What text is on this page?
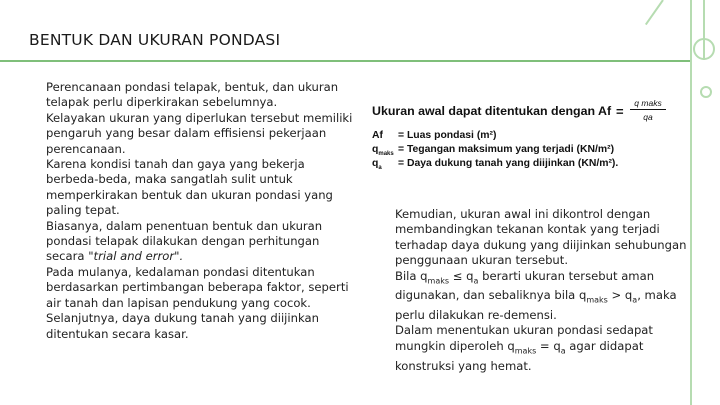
BENTUK DAN UKURAN PONDASI

Perencanaan pondasi telapak, bentuk, dan ukuran telapak perlu diperkirakan sebelumnya.

Kelayakan ukuran yang diperlukan tersebut memiliki pengaruh yang besar dalam effisiensi pekerjaan perencanaan.

Karena kondisi tanah dan gaya yang bekerja berbeda-beda, maka sangatlah sulit untuk memperkirakan bentuk dan ukuran pondasi yang paling tepat.

Biasanya, dalam penentuan bentuk dan ukuran pondasi telapak dilakukan dengan perhitungan secara "trial and error".

Pada mulanya, kedalaman pondasi ditentukan berdasarkan pertimbangan beberapa faktor, seperti air tanah dan lapisan pendukung yang cocok. Selanjutnya, daya dukung tanah yang diijinkan ditentukan secara kasar.

Ukuran awal dapat ditentukan dengan Af =
q maks
qa
Af = Luas pondasi (m²)
$q_{maks}$ = Tegangan maksimum yang terjadi (KN/m²)
$q_a$ = Daya dukung tanah yang diijinkan (KN/m²).

Kemudian, ukuran awal ini dikontrol dengan membandingkan tekanan kontak yang terjadi terhadap daya dukung yang diijinkan sehubungan penggunaan ukuran tersebut.

Bila $q_{maks} \le q_a$ berarti ukuran tersebut aman digunakan, dan sebaliknya bila $q_{maks} > q_a$, maka perlu dilakukan re-demensi.

Dalam menentukan ukuran pondasi sedapat mungkin diperoleh $q_{maks} = q_a$ agar didapat konstruksi yang hemat.
